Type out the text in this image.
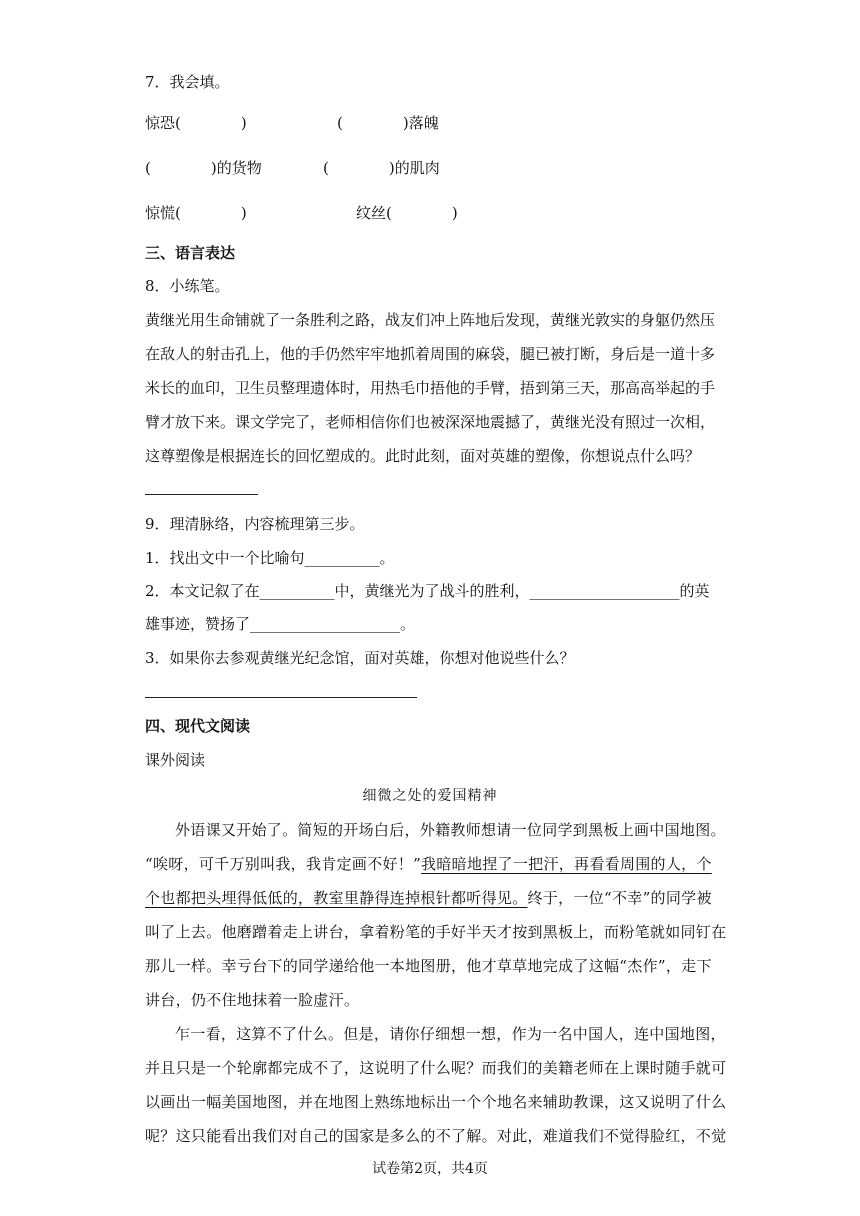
7．我会填。
惊恐(　　　　)	(　　　　)落魄
(　　　　)的货物	(　　　　)的肌肉
惊慌(　　　　)	纹丝(　　　　)
三、语言表达
8．小练笔。
黄继光用生命铺就了一条胜利之路，战友们冲上阵地后发现，黄继光敦实的身躯仍然压
在敌人的射击孔上，他的手仍然牢牢地抓着周围的麻袋，腿已被打断，身后是一道十多
米长的血印，卫生员整理遗体时，用热毛巾捂他的手臂，捂到第三天，那高高举起的手
臂才放下来。课文学完了，老师相信你们也被深深地震撼了，黄继光没有照过一次相，
这尊塑像是根据连长的回忆塑成的。此时此刻，面对英雄的塑像，你想说点什么吗？
9．理清脉络，内容梳理第三步。
1．找出文中一个比喻句__________。
2．本文记叙了在__________中，黄继光为了战斗的胜利，____________________的英
雄事迹，赞扬了____________________。
3．如果你去参观黄继光纪念馆，面对英雄，你想对他说些什么？
四、现代文阅读
课外阅读
细微之处的爱国精神
外语课又开始了。简短的开场白后，外籍教师想请一位同学到黑板上画中国地图。
“唉呀，可千万别叫我，我肯定画不好！”我暗暗地捏了一把汗，再看看周围的人，个
个也都把头埋得低低的，教室里静得连掉根针都听得见。终于，一位“不幸”的同学被
叫了上去。他磨蹭着走上讲台，拿着粉笔的手好半天才按到黑板上，而粉笔就如同钉在
那儿一样。幸亏台下的同学递给他一本地图册，他才草草地完成了这幅“杰作”，走下
讲台，仍不住地抹着一脸虚汗。
乍一看，这算不了什么。但是，请你仔细想一想，作为一名中国人，连中国地图，
并且只是一个轮廓都完成不了，这说明了什么呢？而我们的美籍老师在上课时随手就可
以画出一幅美国地图，并在地图上熟练地标出一个个地名来辅助教课，这又说明了什么
呢？这只能看出我们对自己的国家是多么的不了解。对此，难道我们不觉得脸红，不觉
试卷第2页，共4页
